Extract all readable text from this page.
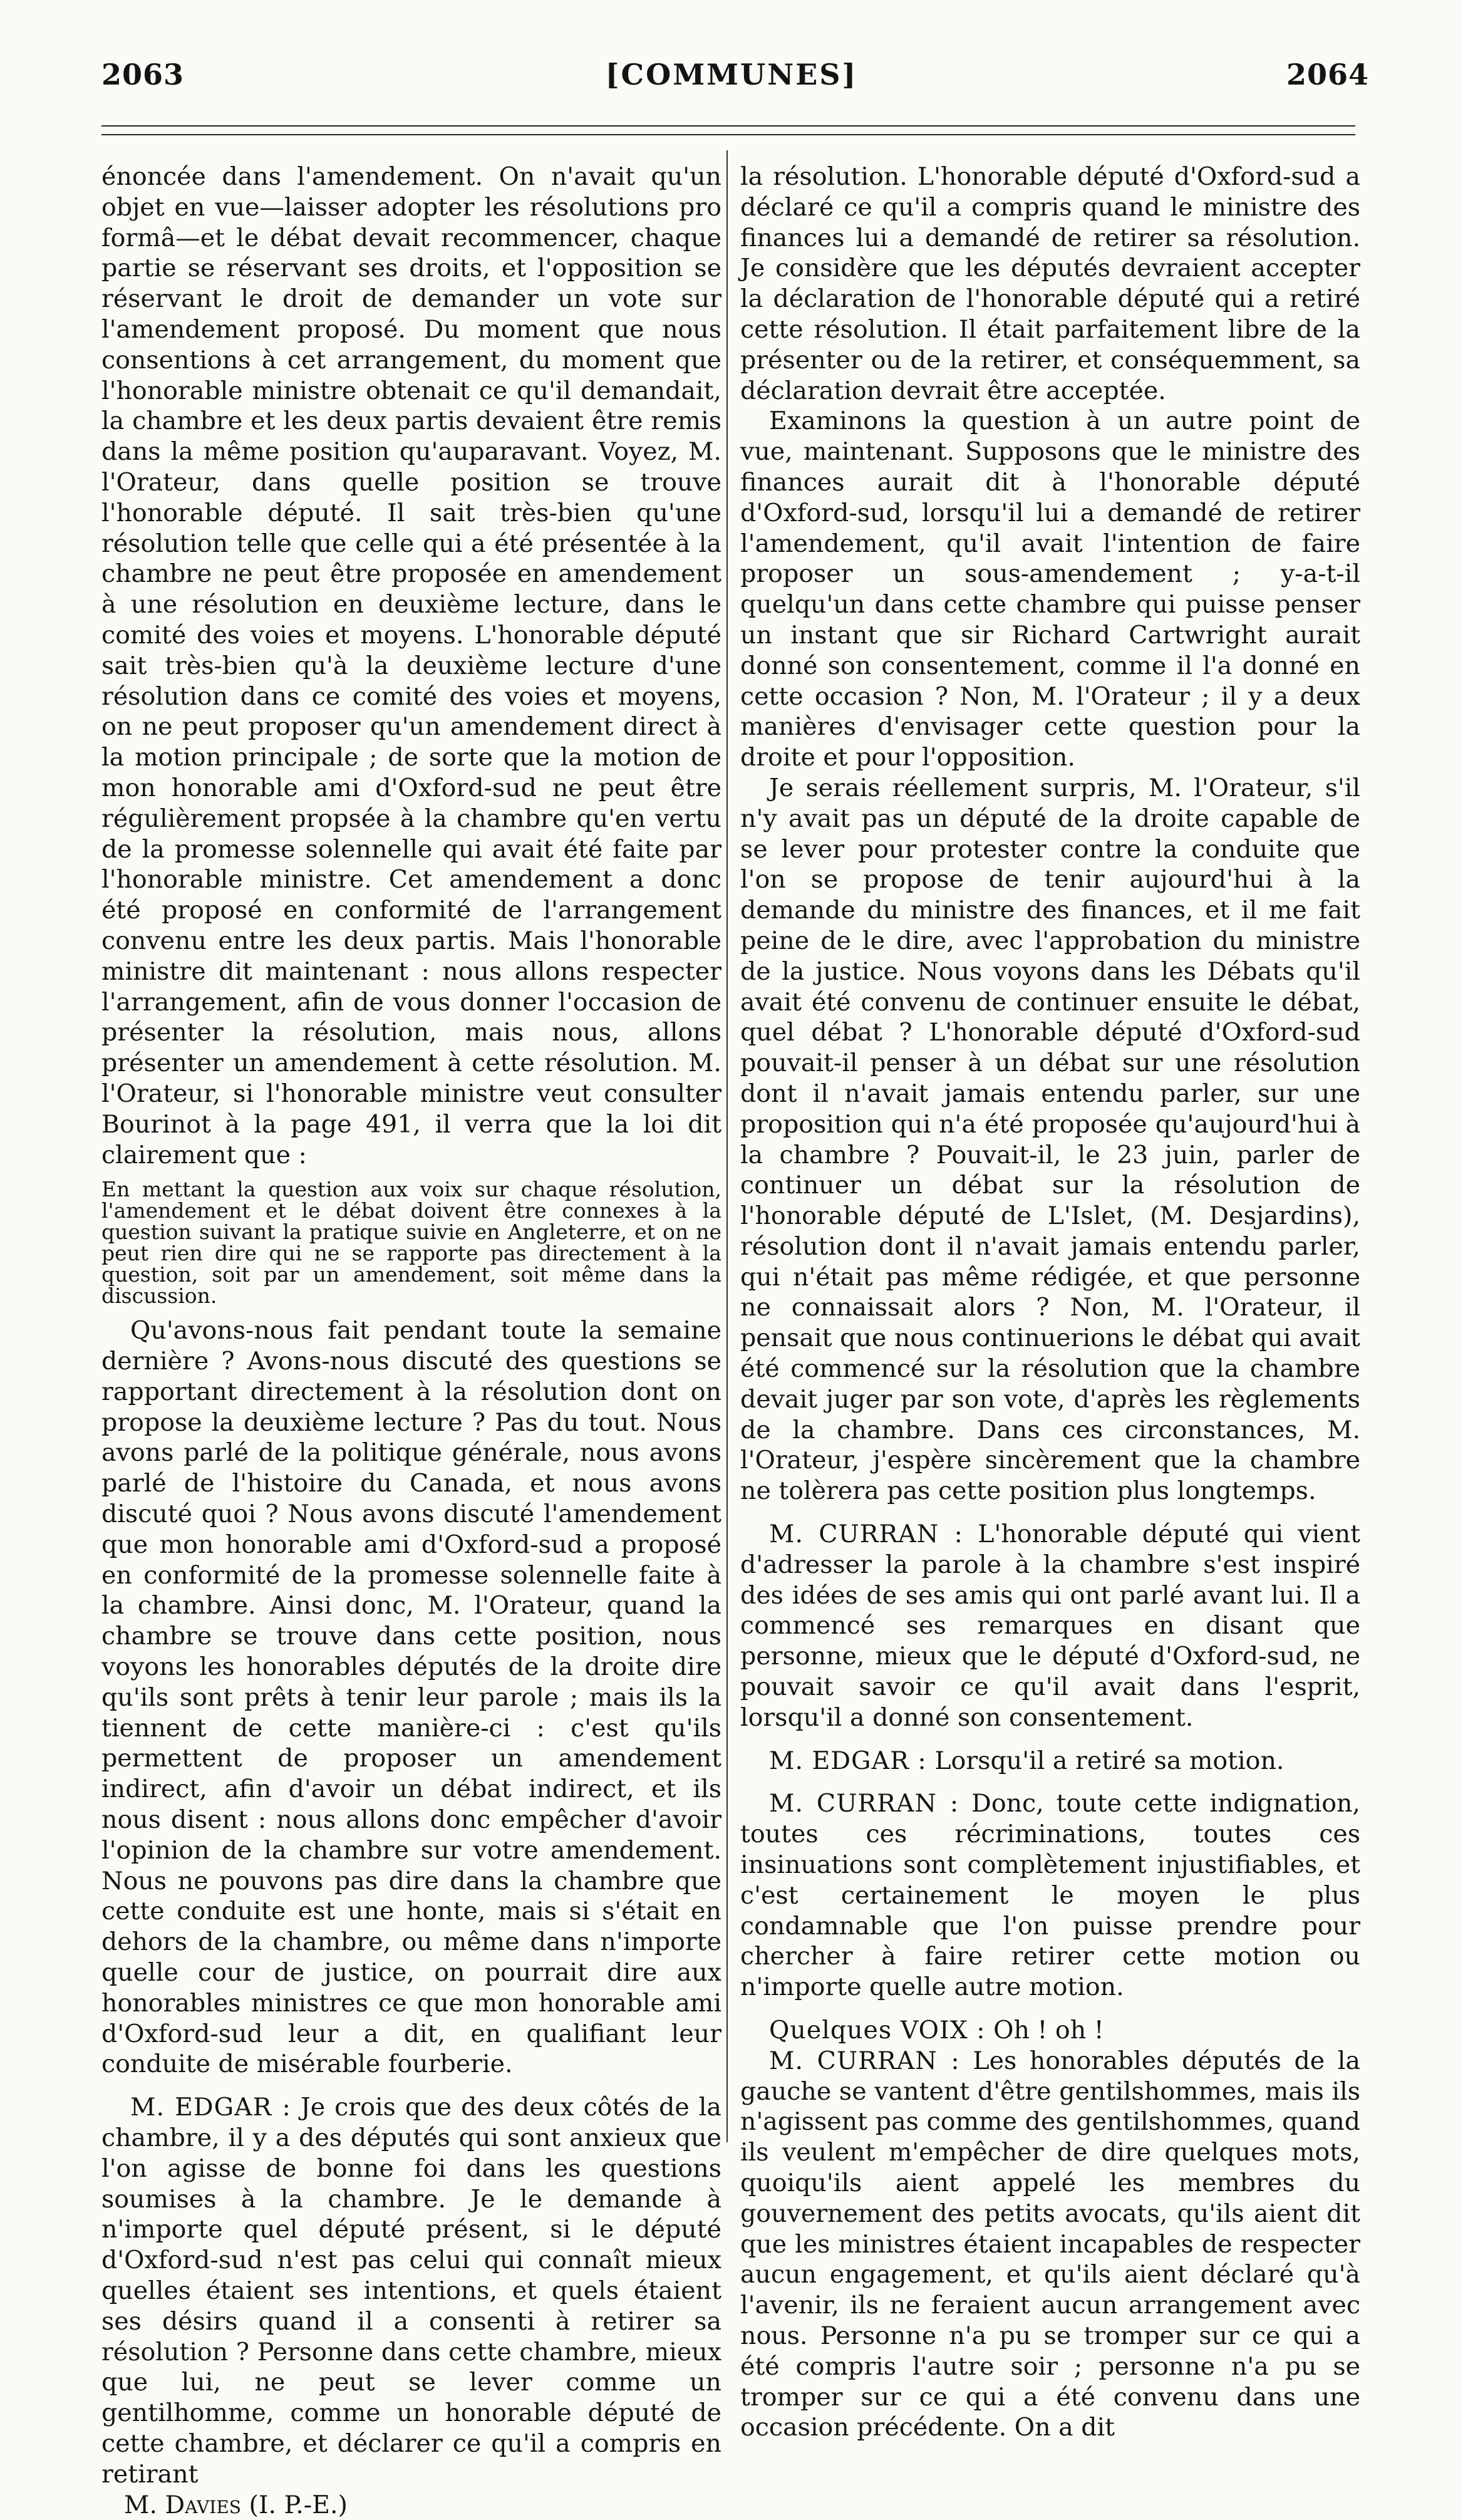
2063	[COMMUNES]	2064

énoncée dans l'amendement. On n'avait qu'un objet en vue—laisser adopter les résolutions pro formâ—et le débat devait recommencer, chaque partie se réservant ses droits, et l'opposition se réservant le droit de demander un vote sur l'amendement proposé. Du moment que nous consentions à cet arrangement, du moment que l'honorable ministre obtenait ce qu'il demandait, la chambre et les deux partis devaient être remis dans la même position qu'auparavant. Voyez, M. l'Orateur, dans quelle position se trouve l'honorable député. Il sait très-bien qu'une résolution telle que celle qui a été présentée à la chambre ne peut être proposée en amendement à une résolution en deuxième lecture, dans le comité des voies et moyens. L'honorable député sait très-bien qu'à la deuxième lecture d'une résolution dans ce comité des voies et moyens, on ne peut proposer qu'un amendement direct à la motion principale ; de sorte que la motion de mon honorable ami d'Oxford-sud ne peut être régulièrement propsée à la chambre qu'en vertu de la promesse solennelle qui avait été faite par l'honorable ministre. Cet amendement a donc été proposé en conformité de l'arrangement convenu entre les deux partis. Mais l'honorable ministre dit maintenant : nous allons respecter l'arrangement, afin de vous donner l'occasion de présenter la résolution, mais nous, allons présenter un amendement à cette résolution. M. l'Orateur, si l'honorable ministre veut consulter Bourinot à la page 491, il verra que la loi dit clairement que :

En mettant la question aux voix sur chaque résolution, l'amendement et le débat doivent être connexes à la question suivant la pratique suivie en Angleterre, et on ne peut rien dire qui ne se rapporte pas directement à la question, soit par un amendement, soit même dans la discussion.

Qu'avons-nous fait pendant toute la semaine dernière ? Avons-nous discuté des questions se rapportant directement à la résolution dont on propose la deuxième lecture ? Pas du tout. Nous avons parlé de la politique générale, nous avons parlé de l'histoire du Canada, et nous avons discuté quoi ? Nous avons discuté l'amendement que mon honorable ami d'Oxford-sud a proposé en conformité de la promesse solennelle faite à la chambre. Ainsi donc, M. l'Orateur, quand la chambre se trouve dans cette position, nous voyons les honorables députés de la droite dire qu'ils sont prêts à tenir leur parole ; mais ils la tiennent de cette manière-ci : c'est qu'ils permettent de proposer un amendement indirect, afin d'avoir un débat indirect, et ils nous disent : nous allons donc empêcher d'avoir l'opinion de la chambre sur votre amendement. Nous ne pouvons pas dire dans la chambre que cette conduite est une honte, mais si s'était en dehors de la chambre, ou même dans n'importe quelle cour de justice, on pourrait dire aux honorables ministres ce que mon honorable ami d'Oxford-sud leur a dit, en qualifiant leur conduite de misérable fourberie.

M. EDGAR : Je crois que des deux côtés de la chambre, il y a des députés qui sont anxieux que l'on agisse de bonne foi dans les questions soumises à la chambre. Je le demande à n'importe quel député présent, si le député d'Oxford-sud n'est pas celui qui connaît mieux quelles étaient ses intentions, et quels étaient ses désirs quand il a consenti à retirer sa résolution ? Personne dans cette chambre, mieux que lui, ne peut se lever comme un gentilhomme, comme un honorable député de cette chambre, et déclarer ce qu'il a compris en retirant

M. Davies (I. P.-E.)

la résolution. L'honorable député d'Oxford-sud a déclaré ce qu'il a compris quand le ministre des finances lui a demandé de retirer sa résolution. Je considère que les députés devraient accepter la déclaration de l'honorable député qui a retiré cette résolution. Il était parfaitement libre de la présenter ou de la retirer, et conséquemment, sa déclaration devrait être acceptée.

Examinons la question à un autre point de vue, maintenant. Supposons que le ministre des finances aurait dit à l'honorable député d'Oxford-sud, lorsqu'il lui a demandé de retirer l'amendement, qu'il avait l'intention de faire proposer un sous-amendement ; y-a-t-il quelqu'un dans cette chambre qui puisse penser un instant que sir Richard Cartwright aurait donné son consentement, comme il l'a donné en cette occasion ? Non, M. l'Orateur ; il y a deux manières d'envisager cette question pour la droite et pour l'opposition.

Je serais réellement surpris, M. l'Orateur, s'il n'y avait pas un député de la droite capable de se lever pour protester contre la conduite que l'on se propose de tenir aujourd'hui à la demande du ministre des finances, et il me fait peine de le dire, avec l'approbation du ministre de la justice. Nous voyons dans les Débats qu'il avait été convenu de continuer ensuite le débat, quel débat ? L'honorable député d'Oxford-sud pouvait-il penser à un débat sur une résolution dont il n'avait jamais entendu parler, sur une proposition qui n'a été proposée qu'aujourd'hui à la chambre ? Pouvait-il, le 23 juin, parler de continuer un débat sur la résolution de l'honorable député de L'Islet, (M. Desjardins), résolution dont il n'avait jamais entendu parler, qui n'était pas même rédigée, et que personne ne connaissait alors ? Non, M. l'Orateur, il pensait que nous continuerions le débat qui avait été commencé sur la résolution que la chambre devait juger par son vote, d'après les règlements de la chambre. Dans ces circonstances, M. l'Orateur, j'espère sincèrement que la chambre ne tolèrera pas cette position plus longtemps.

M. CURRAN : L'honorable député qui vient d'adresser la parole à la chambre s'est inspiré des idées de ses amis qui ont parlé avant lui. Il a commencé ses remarques en disant que personne, mieux que le député d'Oxford-sud, ne pouvait savoir ce qu'il avait dans l'esprit, lorsqu'il a donné son consentement.

M. EDGAR : Lorsqu'il a retiré sa motion.

M. CURRAN : Donc, toute cette indignation, toutes ces récriminations, toutes ces insinuations sont complètement injustifiables, et c'est certainement le moyen le plus condamnable que l'on puisse prendre pour chercher à faire retirer cette motion ou n'importe quelle autre motion.

Quelques VOIX : Oh ! oh !

M. CURRAN : Les honorables députés de la gauche se vantent d'être gentilshommes, mais ils n'agissent pas comme des gentilshommes, quand ils veulent m'empêcher de dire quelques mots, quoiqu'ils aient appelé les membres du gouvernement des petits avocats, qu'ils aient dit que les ministres étaient incapables de respecter aucun engagement, et qu'ils aient déclaré qu'à l'avenir, ils ne feraient aucun arrangement avec nous. Personne n'a pu se tromper sur ce qui a été compris l'autre soir ; personne n'a pu se tromper sur ce qui a été convenu dans une occasion précédente. On a dit
